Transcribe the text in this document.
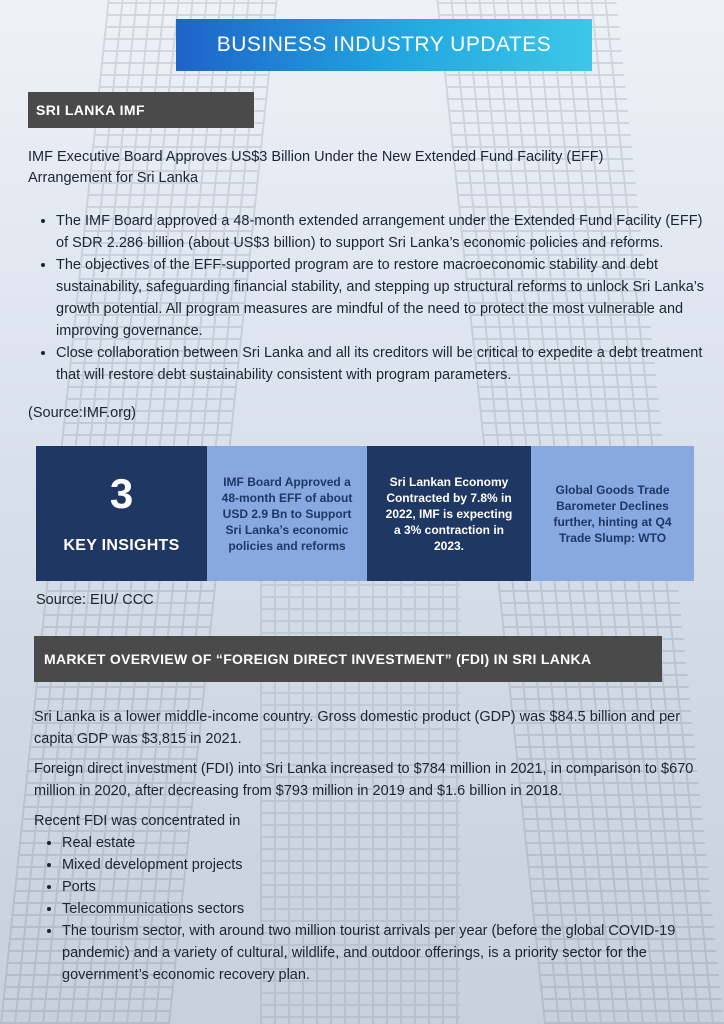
BUSINESS INDUSTRY UPDATES
SRI LANKA IMF
IMF Executive Board Approves US$3 Billion Under the New Extended Fund Facility (EFF) Arrangement for Sri Lanka
• The IMF Board approved a 48-month extended arrangement under the Extended Fund Facility (EFF) of SDR 2.286 billion (about US$3 billion) to support Sri Lanka’s economic policies and reforms.
• The objectives of the EFF-supported program are to restore macroeconomic stability and debt sustainability, safeguarding financial stability, and stepping up structural reforms to unlock Sri Lanka’s growth potential. All program measures are mindful of the need to protect the most vulnerable and improving governance.
• Close collaboration between Sri Lanka and all its creditors will be critical to expedite a debt treatment that will restore debt sustainability consistent with program parameters.
(Source:IMF.org)
3
KEY INSIGHTS
IMF Board Approved a 48-month EFF of about USD 2.9 Bn to Support Sri Lanka’s economic policies and reforms
Sri Lankan Economy Contracted by 7.8% in 2022, IMF is expecting a 3% contraction in 2023.
Global Goods Trade Barometer Declines further, hinting at Q4 Trade Slump: WTO
Source: EIU/ CCC
MARKET OVERVIEW OF “FOREIGN DIRECT INVESTMENT” (FDI) IN SRI LANKA

Sri Lanka is a lower middle-income country. Gross domestic product (GDP) was $84.5 billion and per capita GDP was $3,815 in 2021.

Foreign direct investment (FDI) into Sri Lanka increased to $784 million in 2021, in comparison to $670 million in 2020, after decreasing from $793 million in 2019 and $1.6 billion in 2018.

Recent FDI was concentrated in

• Real estate
• Mixed development projects
• Ports
• Telecommunications sectors
• The tourism sector, with around two million tourist arrivals per year (before the global COVID-19 pandemic) and a variety of cultural, wildlife, and outdoor offerings, is a priority sector for the government’s economic recovery plan.
